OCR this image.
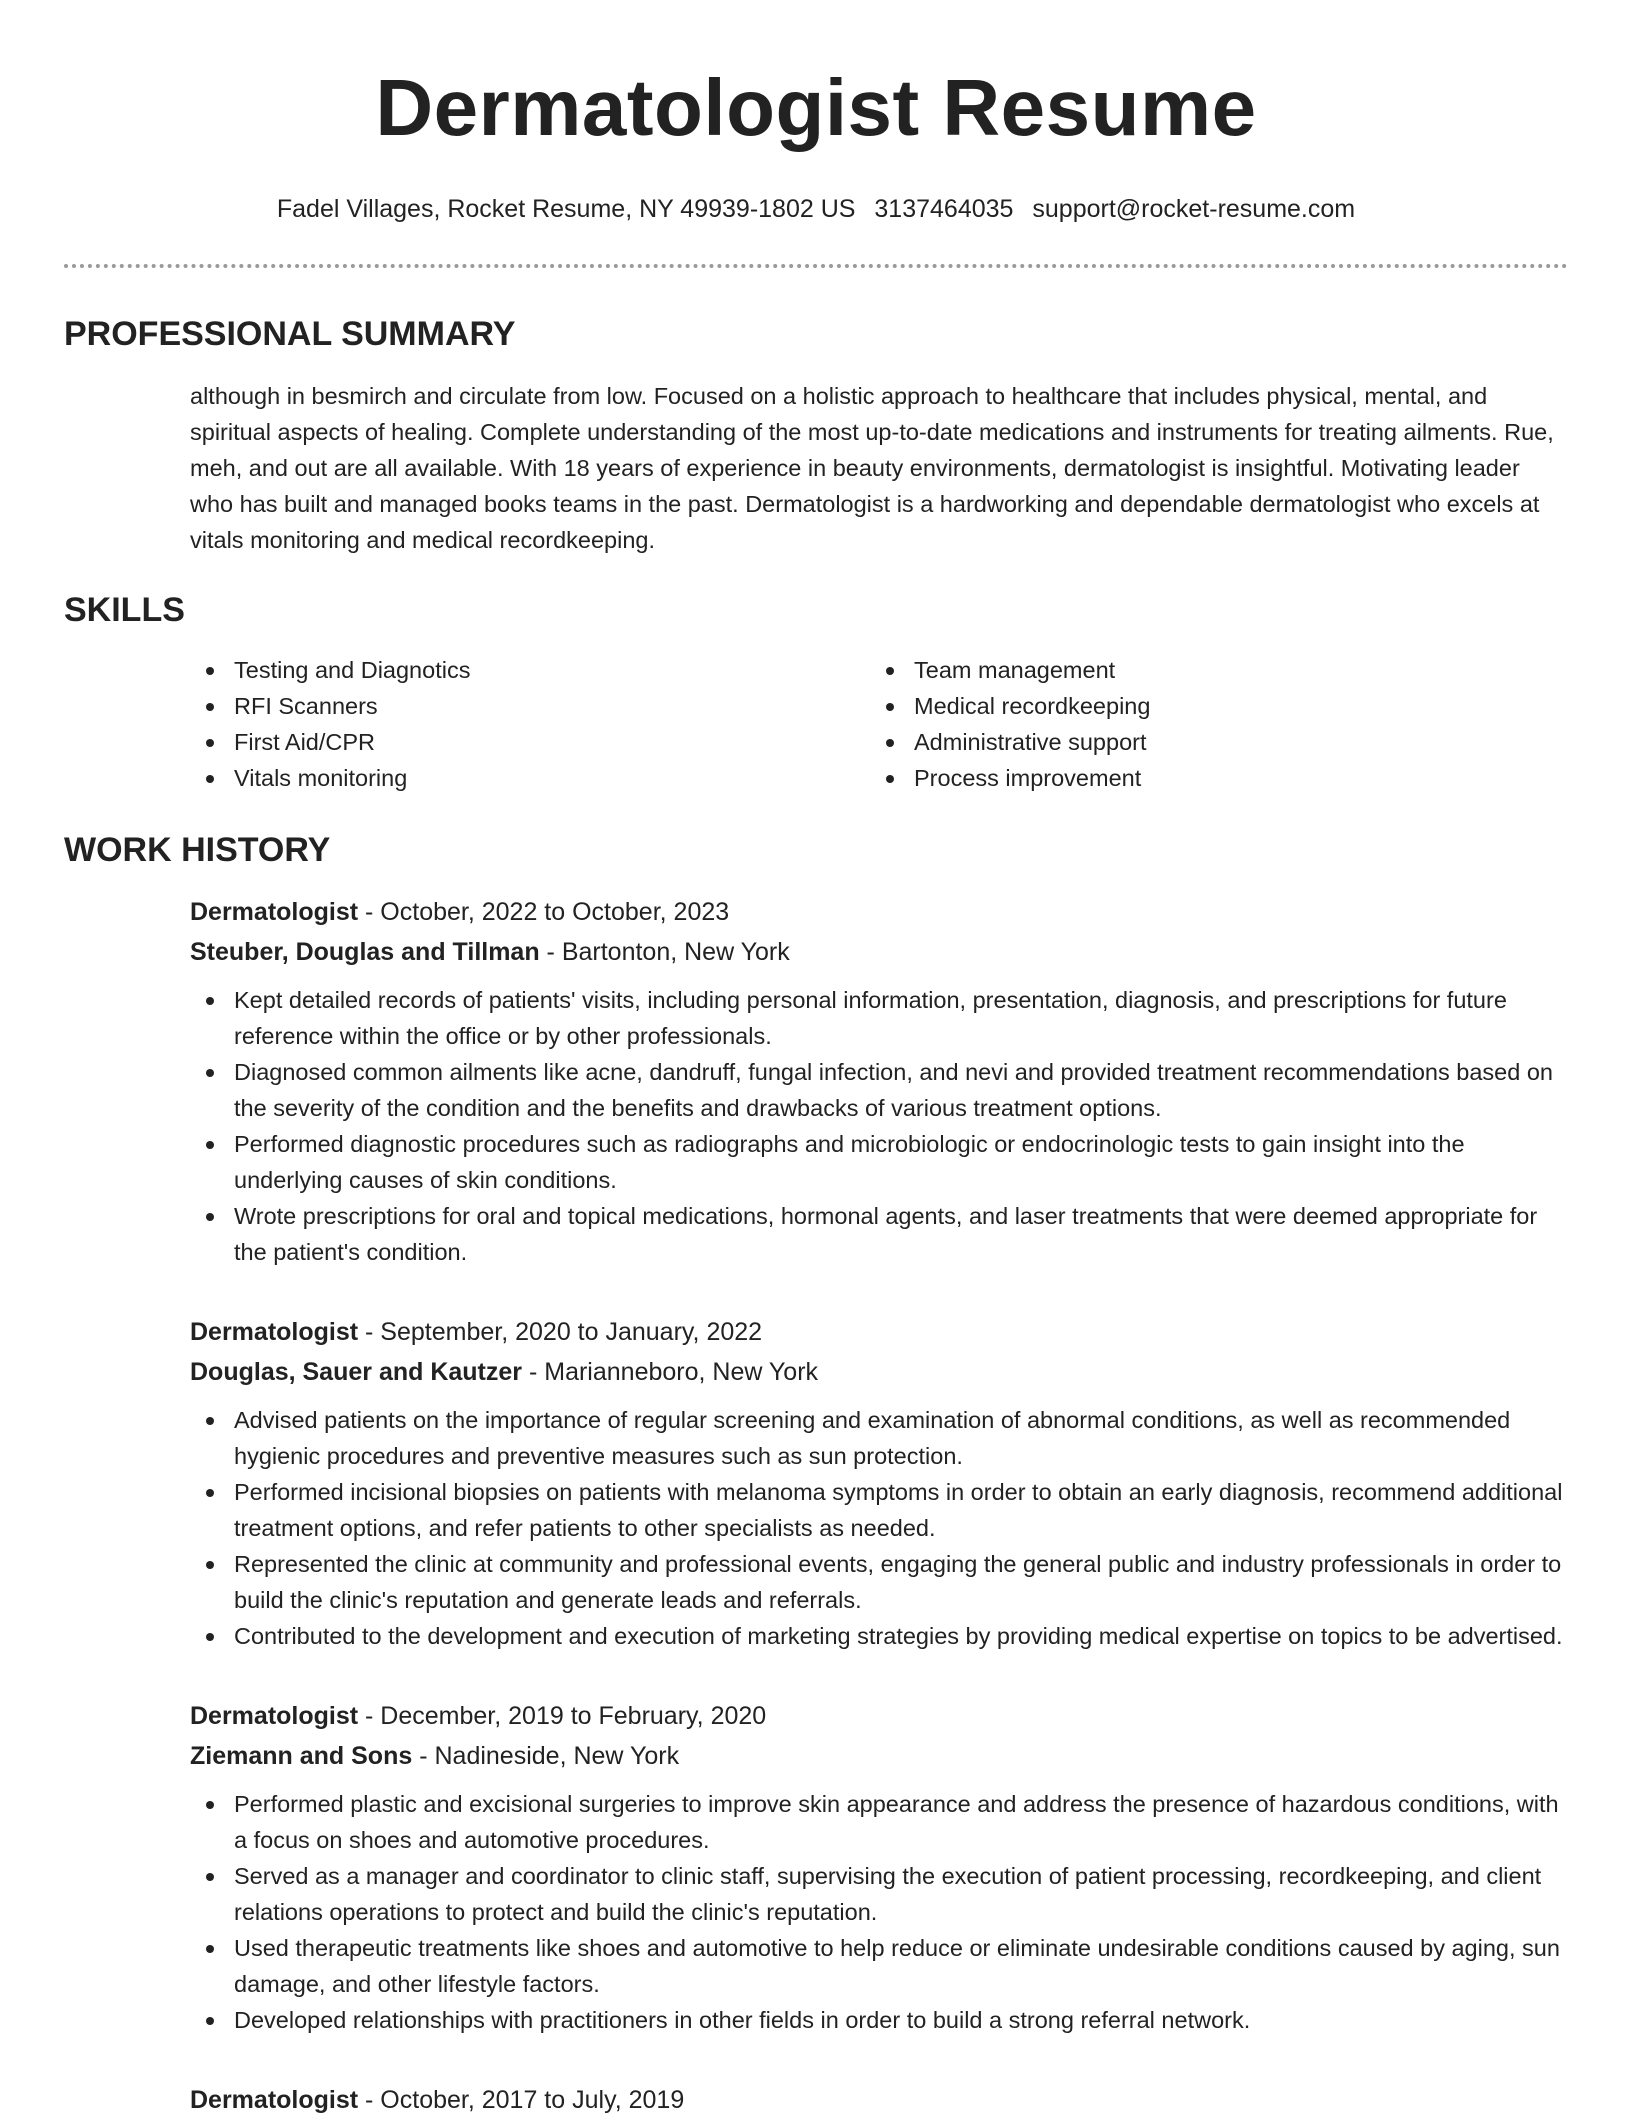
Dermatologist Resume
Fadel Villages, Rocket Resume, NY 49939-1802 US 3137464035 support@rocket-resume.com
PROFESSIONAL SUMMARY

although in besmirch and circulate from low. Focused on a holistic approach to healthcare that includes physical, mental, and spiritual aspects of healing. Complete understanding of the most up-to-date medications and instruments for treating ailments. Rue, meh, and out are all available. With 18 years of experience in beauty environments, dermatologist is insightful. Motivating leader who has built and managed books teams in the past. Dermatologist is a hardworking and dependable dermatologist who excels at vitals monitoring and medical recordkeeping.

SKILLS
Testing and Diagnotics
RFI Scanners
First Aid/CPR
Vitals monitoring
Team management
Medical recordkeeping
Administrative support
Process improvement
WORK HISTORY
Dermatologist - October, 2022 to October, 2023
Steuber, Douglas and Tillman - Bartonton, New York
Kept detailed records of patients' visits, including personal information, presentation, diagnosis, and prescriptions for future reference within the office or by other professionals.
Diagnosed common ailments like acne, dandruff, fungal infection, and nevi and provided treatment recommendations based on the severity of the condition and the benefits and drawbacks of various treatment options.
Performed diagnostic procedures such as radiographs and microbiologic or endocrinologic tests to gain insight into the underlying causes of skin conditions.
Wrote prescriptions for oral and topical medications, hormonal agents, and laser treatments that were deemed appropriate for the patient's condition.
Dermatologist - September, 2020 to January, 2022
Douglas, Sauer and Kautzer - Marianneboro, New York
Advised patients on the importance of regular screening and examination of abnormal conditions, as well as recommended hygienic procedures and preventive measures such as sun protection.
Performed incisional biopsies on patients with melanoma symptoms in order to obtain an early diagnosis, recommend additional treatment options, and refer patients to other specialists as needed.
Represented the clinic at community and professional events, engaging the general public and industry professionals in order to build the clinic's reputation and generate leads and referrals.
Contributed to the development and execution of marketing strategies by providing medical expertise on topics to be advertised.
Dermatologist - December, 2019 to February, 2020
Ziemann and Sons - Nadineside, New York
Performed plastic and excisional surgeries to improve skin appearance and address the presence of hazardous conditions, with a focus on shoes and automotive procedures.
Served as a manager and coordinator to clinic staff, supervising the execution of patient processing, recordkeeping, and client relations operations to protect and build the clinic's reputation.
Used therapeutic treatments like shoes and automotive to help reduce or eliminate undesirable conditions caused by aging, sun damage, and other lifestyle factors.
Developed relationships with practitioners in other fields in order to build a strong referral network.
Dermatologist - October, 2017 to July, 2019
